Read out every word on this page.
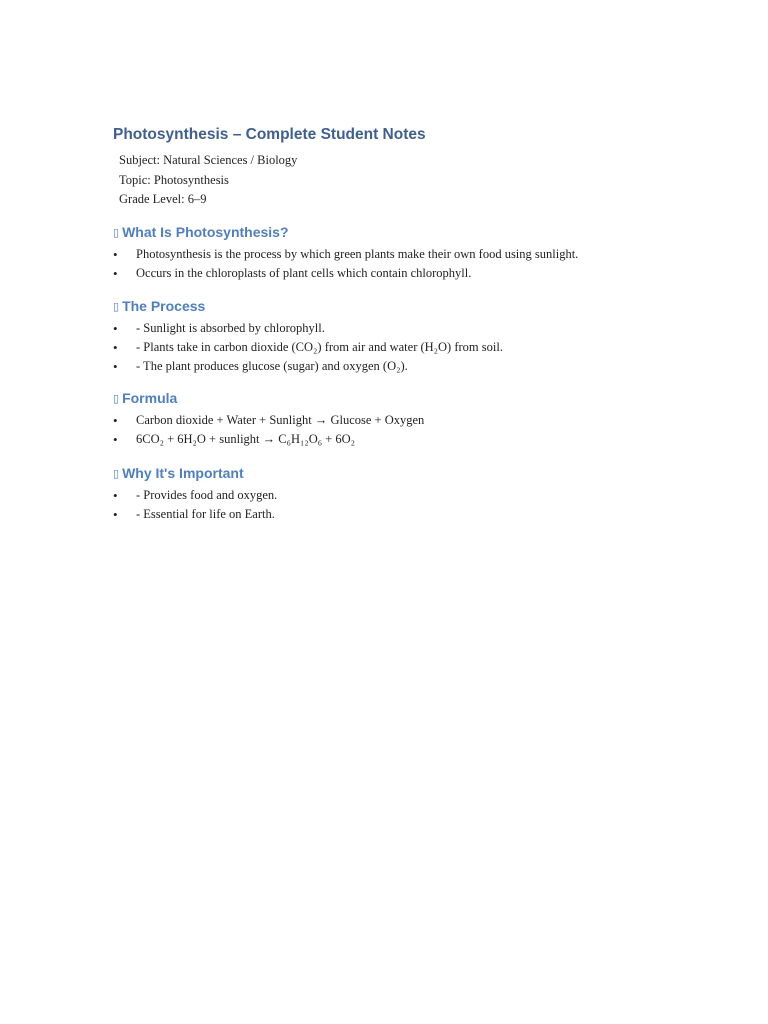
Photosynthesis – Complete Student Notes
Subject: Natural Sciences / Biology
Topic: Photosynthesis
Grade Level: 6–9
▯ What Is Photosynthesis?
• Photosynthesis is the process by which green plants make their own food using sunlight.
• Occurs in the chloroplasts of plant cells which contain chlorophyll.
▯ The Process
• - Sunlight is absorbed by chlorophyll.
• - Plants take in carbon dioxide (CO₂) from air and water (H₂O) from soil.
• - The plant produces glucose (sugar) and oxygen (O₂).
▯ Formula
• Carbon dioxide + Water + Sunlight → Glucose + Oxygen
• 6CO₂ + 6H₂O + sunlight → C₆H₁₂O₆ + 6O₂
▯ Why It's Important
• - Provides food and oxygen.
• - Essential for life on Earth.
